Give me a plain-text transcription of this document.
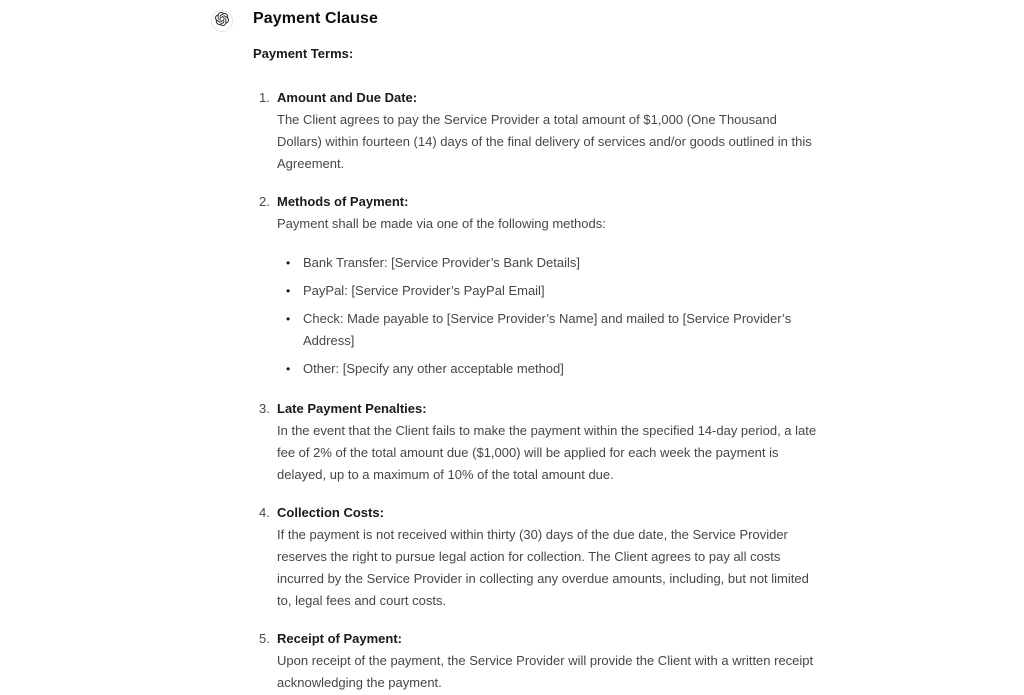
Payment Clause
Payment Terms:
1. Amount and Due Date:
The Client agrees to pay the Service Provider a total amount of $1,000 (One Thousand Dollars) within fourteen (14) days of the final delivery of services and/or goods outlined in this Agreement.
2. Methods of Payment:
Payment shall be made via one of the following methods:
• Bank Transfer: [Service Provider’s Bank Details]
• PayPal: [Service Provider’s PayPal Email]
• Check: Made payable to [Service Provider’s Name] and mailed to [Service Provider’s Address]
• Other: [Specify any other acceptable method]
3. Late Payment Penalties:
In the event that the Client fails to make the payment within the specified 14-day period, a late fee of 2% of the total amount due ($1,000) will be applied for each week the payment is delayed, up to a maximum of 10% of the total amount due.
4. Collection Costs:
If the payment is not received within thirty (30) days of the due date, the Service Provider reserves the right to pursue legal action for collection. The Client agrees to pay all costs incurred by the Service Provider in collecting any overdue amounts, including, but not limited to, legal fees and court costs.
5. Receipt of Payment:
Upon receipt of the payment, the Service Provider will provide the Client with a written receipt acknowledging the payment.
